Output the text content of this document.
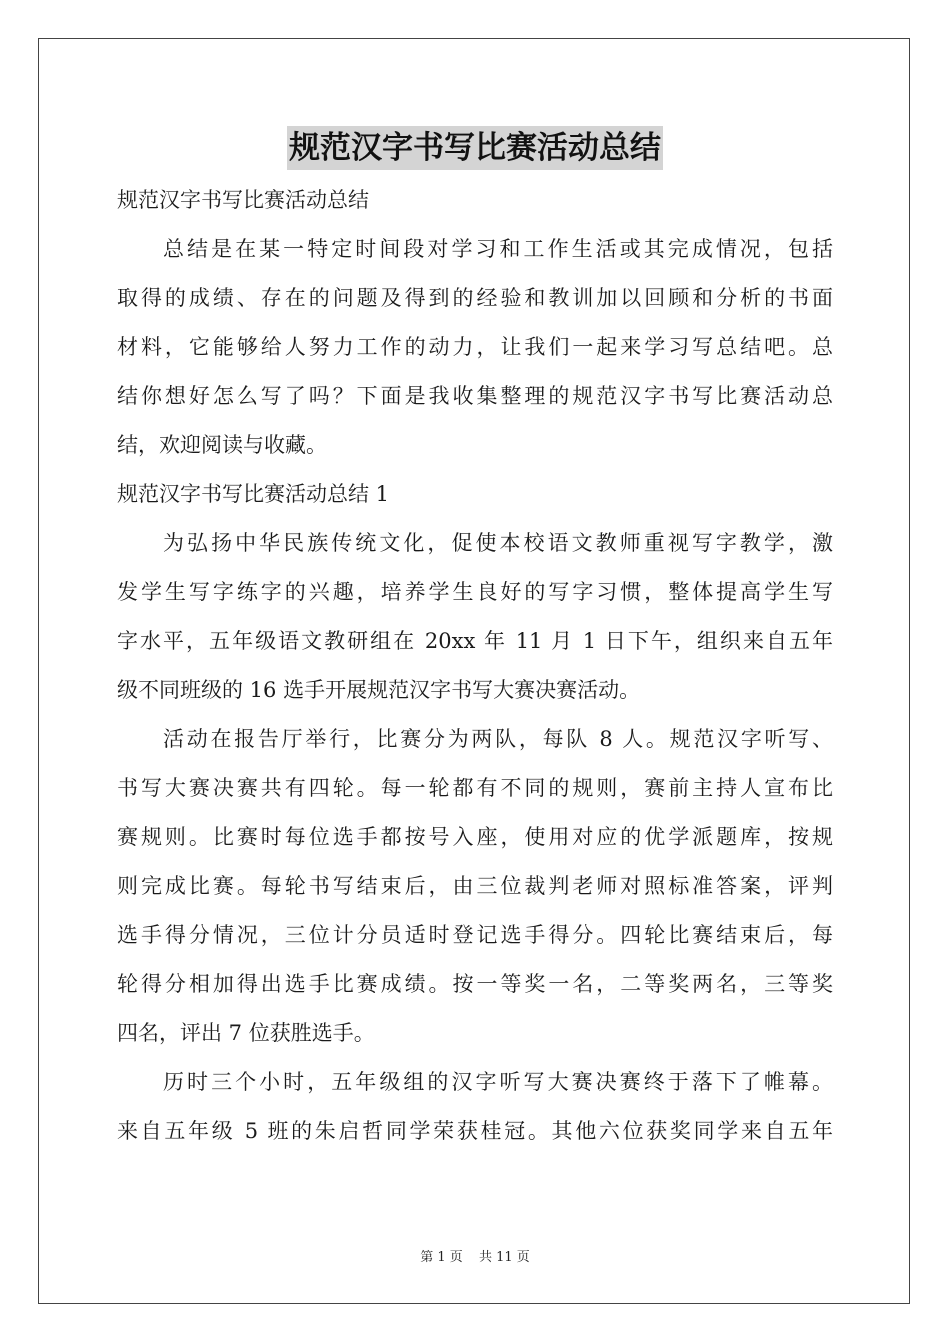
规范汉字书写比赛活动总结
规范汉字书写比赛活动总结
总结是在某一特定时间段对学习和工作生活或其完成情况，包括
取得的成绩、存在的问题及得到的经验和教训加以回顾和分析的书面
材料，它能够给人努力工作的动力，让我们一起来学习写总结吧。总
结你想好怎么写了吗？下面是我收集整理的规范汉字书写比赛活动总
结，欢迎阅读与收藏。
规范汉字书写比赛活动总结 1
为弘扬中华民族传统文化，促使本校语文教师重视写字教学，激
发学生写字练字的兴趣，培养学生良好的写字习惯，整体提高学生写
字水平，五年级语文教研组在 20xx 年 11 月 1 日下午，组织来自五年
级不同班级的 16 选手开展规范汉字书写大赛决赛活动。
活动在报告厅举行，比赛分为两队，每队 8 人。规范汉字听写、
书写大赛决赛共有四轮。每一轮都有不同的规则，赛前主持人宣布比
赛规则。比赛时每位选手都按号入座，使用对应的优学派题库，按规
则完成比赛。每轮书写结束后，由三位裁判老师对照标准答案，评判
选手得分情况，三位计分员适时登记选手得分。四轮比赛结束后，每
轮得分相加得出选手比赛成绩。按一等奖一名，二等奖两名，三等奖
四名，评出 7 位获胜选手。
历时三个小时，五年级组的汉字听写大赛决赛终于落下了帷幕。
来自五年级 5 班的朱启哲同学荣获桂冠。其他六位获奖同学来自五年
第 1 页 共 11 页
